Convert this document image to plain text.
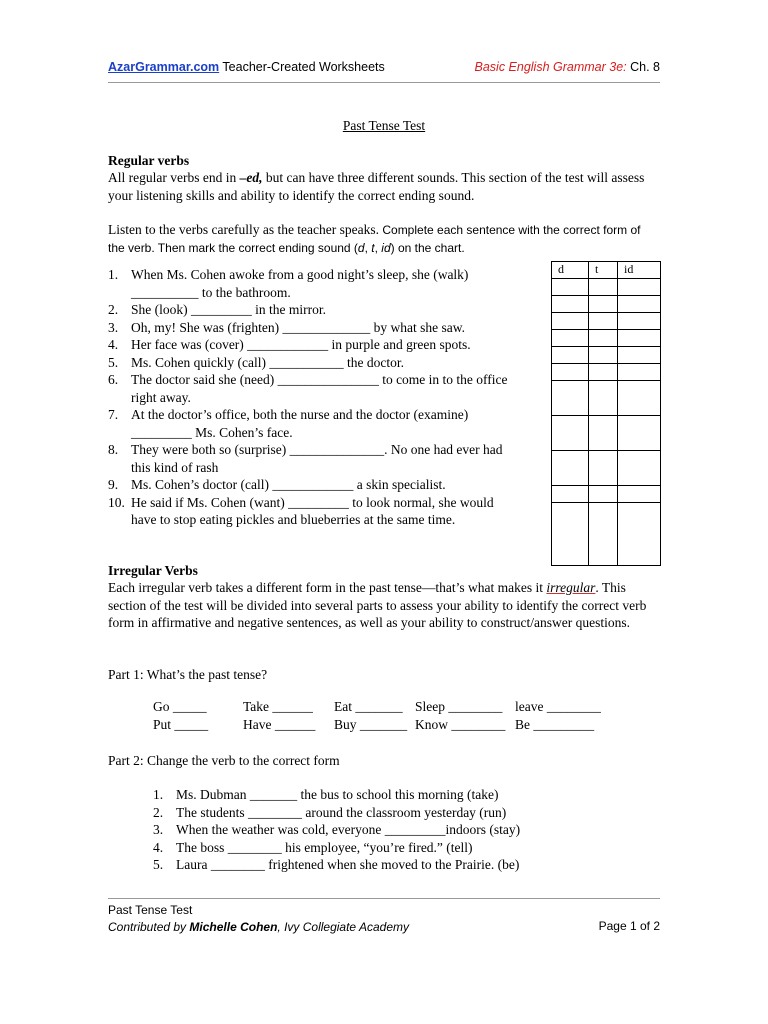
AzarGrammar.com Teacher-Created Worksheets	Basic English Grammar 3e: Ch. 8
Past Tense Test
Regular verbs
All regular verbs end in –ed, but can have three different sounds. This section of the test will assess your listening skills and ability to identify the correct ending sound.
Listen to the verbs carefully as the teacher speaks. Complete each sentence with the correct form of the verb. Then mark the correct ending sound (d, t, id) on the chart.
1. When Ms. Cohen awoke from a good night’s sleep, she (walk) __________ to the bathroom.
2. She (look) _________ in the mirror.
3. Oh, my! She was (frighten) _____________ by what she saw.
4. Her face was (cover) ____________ in purple and green spots.
5. Ms. Cohen quickly (call) ___________ the doctor.
6. The doctor said she (need) _______________ to come in to the office right away.
7. At the doctor’s office, both the nurse and the doctor (examine) _________ Ms. Cohen’s face.
8. They were both so (surprise) ______________. No one had ever had this kind of rash
9. Ms. Cohen’s doctor (call) ____________ a skin specialist.
10. He said if Ms. Cohen (want) _________ to look normal, she would have to stop eating pickles and blueberries at the same time.
d	t	id

Irregular Verbs
Each irregular verb takes a different form in the past tense—that’s what makes it irregular. This section of the test will be divided into several parts to assess your ability to identify the correct verb form in affirmative and negative sentences, as well as your ability to construct/answer questions.
Part 1: What’s the past tense?
Go _____	Take ______ Eat _______ Sleep ________ leave ________
Put _____	Have ______ Buy _______ Know ________ Be _________
Part 2: Change the verb to the correct form
1. Ms. Dubman _______ the bus to school this morning (take)
2. The students ________ around the classroom yesterday (run)
3. When the weather was cold, everyone _________indoors (stay)
4. The boss ________ his employee, “you’re fired.” (tell)
5. Laura ________ frightened when she moved to the Prairie. (be)
Past Tense Test
Contributed by Michelle Cohen, Ivy Collegiate Academy	Page 1 of 2
